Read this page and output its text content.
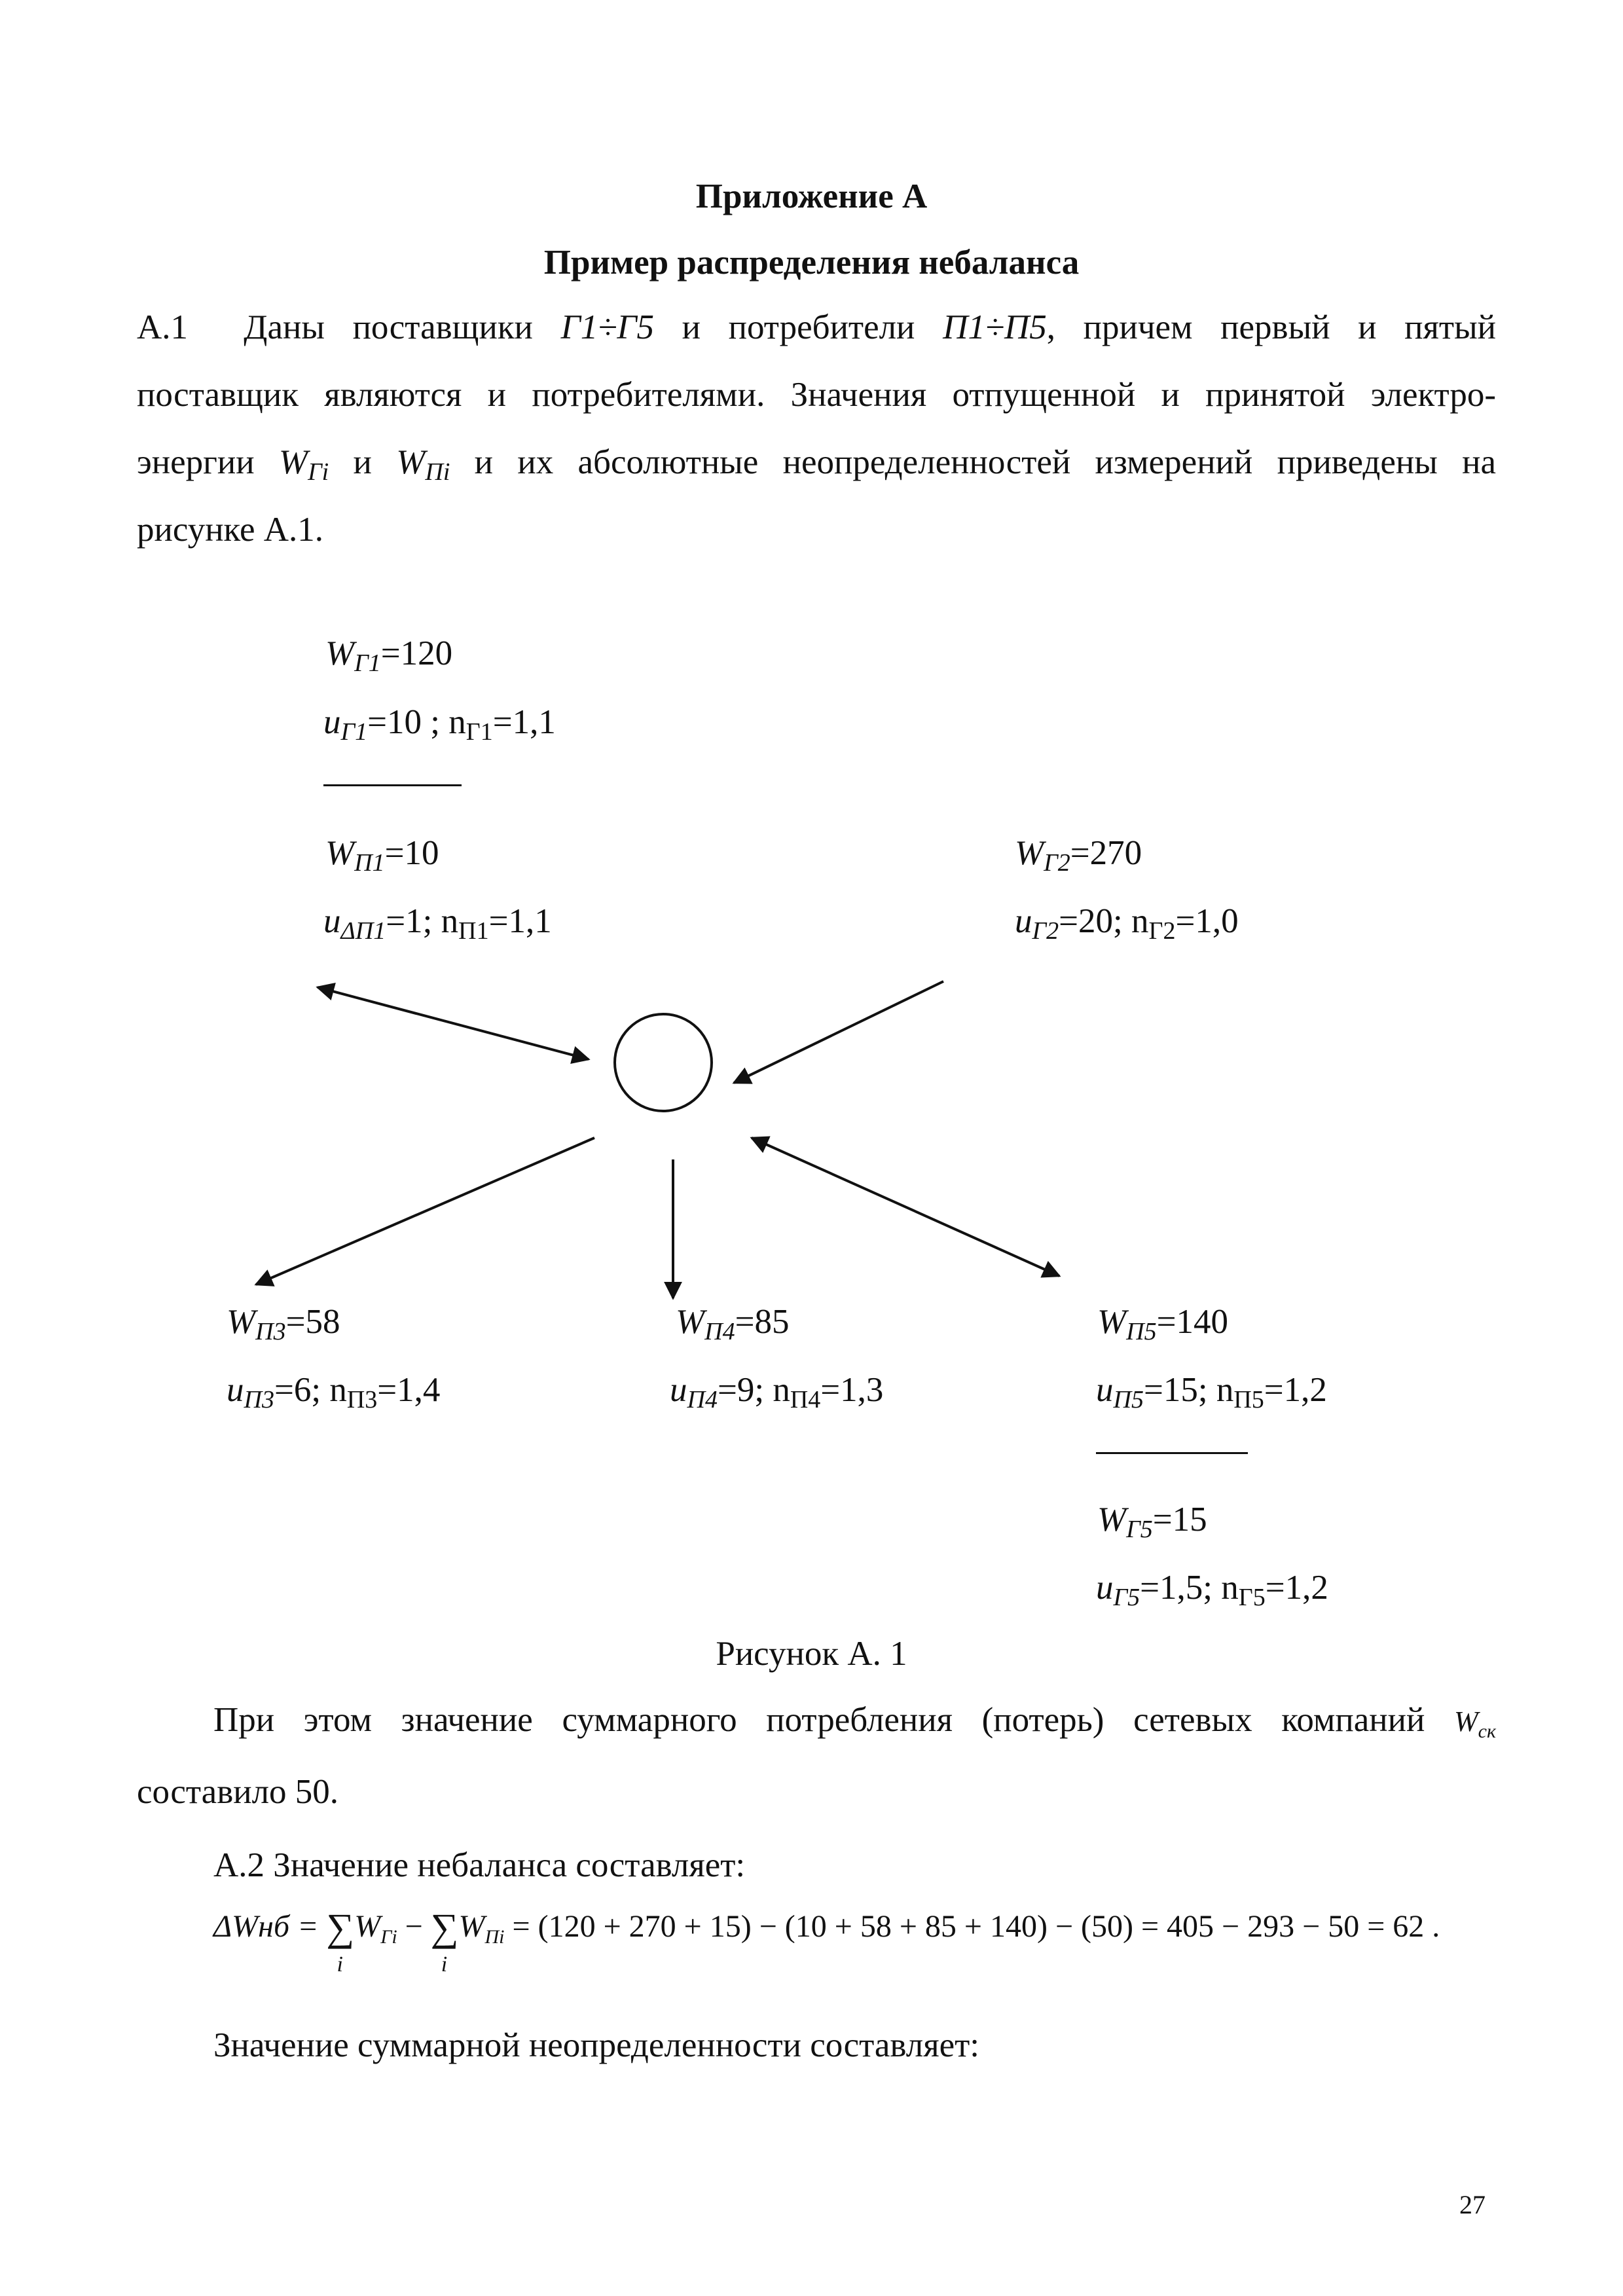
Приложение А
Пример распределения небаланса
А.1 Даны поставщики Г1÷Г5 и потребители П1÷П5, причем первый и пятый
поставщик являются и потребителями. Значения отпущенной и принятой электро-
энергии $W_{Гi}$ и $W_{Пi}$ и их абсолютные неопределенностей измерений приведены на
рисунке А.1.
$W_{Г1}=120$
$u_{Г1}=10$ ; $n_{Г1}=1,1$
$W_{П1}=10$
$u_{\Delta П1}=1$; $n_{П1}=1,1$
$W_{Г2}=270$
$u_{Г2}=20$; $n_{Г2}=1,0$
$W_{П3}=58$
$u_{П3}=6$; $n_{П3}=1,4$
$W_{П4}=85$
$u_{П4}=9$; $n_{П4}=1,3$
$W_{П5}=140$
$u_{П5}=15$; $n_{П5}=1,2$
$W_{Г5}=15$
$u_{Г5}=1,5$; $n_{Г5}=1,2$
Рисунок А. 1
При этом значение суммарного потребления (потерь) сетевых компаний $W_{ск}$
составило 50.
А.2 Значение небаланса составляет:
ΔWнб = ∑
i
$W_{Гi}$ − ∑
i
$W_{Пi} = (120 + 270 + 15) - (10 + 58 + 85 + 140) - (50) = 405 - 293 - 50 = 62$ .
Значение суммарной неопределенности составляет:
27
